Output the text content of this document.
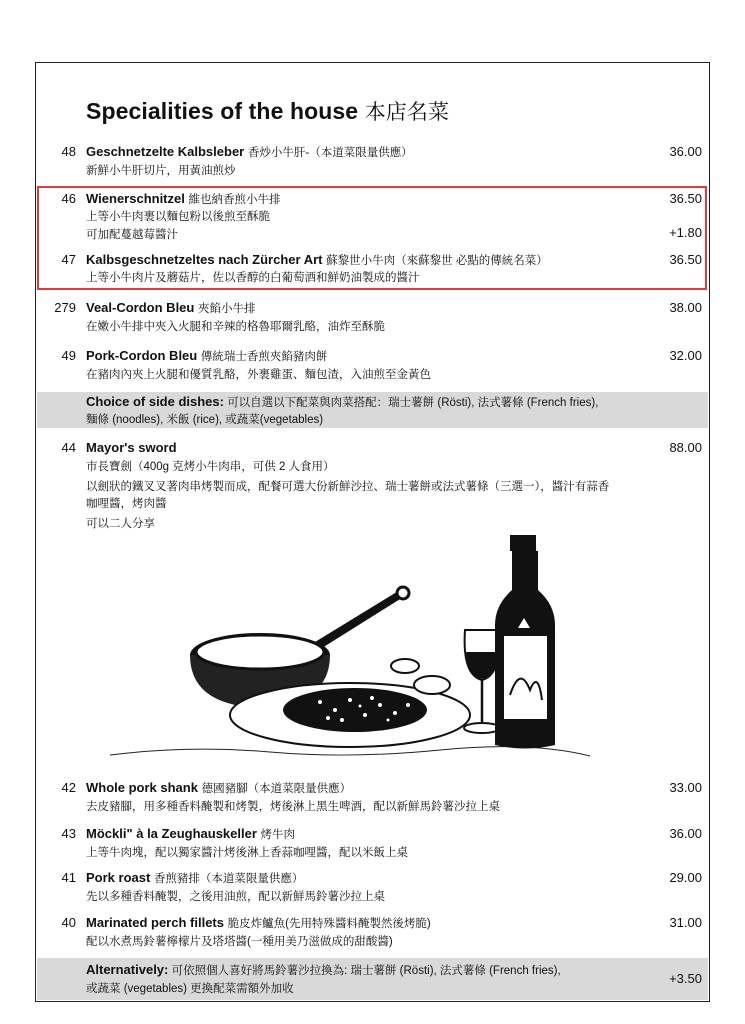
Specialities of the house 本店名菜
48 Geschnetzelte Kalbsleber 香炒小牛肝-（本道菜限量供應）
新鮮小牛肝切片，用黃油煎炒
36.00
46 Wienerschnitzel 維也納香煎小牛排
上等小牛肉裹以麵包粉以後煎至酥脆
可加配蔓越莓醬汁
36.50
+1.80
47 Kalbsgeschnetzeltes nach Zürcher Art 蘇黎世小牛肉（來蘇黎世 必點的傳統名菜）
上等小牛肉片及蘑菇片，佐以香醇的白葡萄酒和鮮奶油製成的醬汁
36.50
279 Veal-Cordon Bleu 夾餡小牛排
在嫩小牛排中夾入火腿和辛辣的格魯耶爾乳酪，油炸至酥脆
38.00
49 Pork-Cordon Bleu 傳統瑞士香煎夾餡豬肉餅
在豬肉內夾上火腿和優質乳酪，外裹雞蛋、麵包渣，入油煎至金黃色
32.00
Choice of side dishes: 可以自選以下配菜與肉菜搭配：瑞士薯餅 (Rösti), 法式薯條 (French fries),
麵條 (noodles), 米飯 (rice), 或蔬菜(vegetables)
44 Mayor's sword
市長寶劍（400g 克烤小牛肉串，可供 2 人食用）
以劍狀的鐵叉叉著肉串烤製而成，配餐可選大份新鮮沙拉、瑞士薯餅或法式薯條（三選一），醬汁有蒜香
咖哩醬，烤肉醬
可以二人分享
88.00
42 Whole pork shank 德國豬腳（本道菜限量供應）
去皮豬腳，用多種香料醃製和烤製，烤後淋上黑生啤酒，配以新鮮馬鈴薯沙拉上桌
33.00
43 Möckli" à la Zeughauskeller 烤牛肉
上等牛肉塊，配以獨家醬汁烤後淋上香蒜咖哩醬，配以米飯上桌
36.00
41 Pork roast 香煎豬排（本道菜限量供應）
先以多種香料醃製，之後用油煎，配以新鮮馬鈴薯沙拉上桌
29.00
40 Marinated perch fillets 脆皮炸鱸魚(先用特殊醬料醃製然後烤脆)
配以水煮馬鈴薯檸檬片及塔塔醬(一種用美乃滋做成的甜酸醬)
31.00
Alternatively: 可依照個人喜好將馬鈴薯沙拉換為: 瑞士薯餅 (Rösti), 法式薯條 (French fries),
或蔬菜 (vegetables) 更換配菜需額外加收
+3.50
